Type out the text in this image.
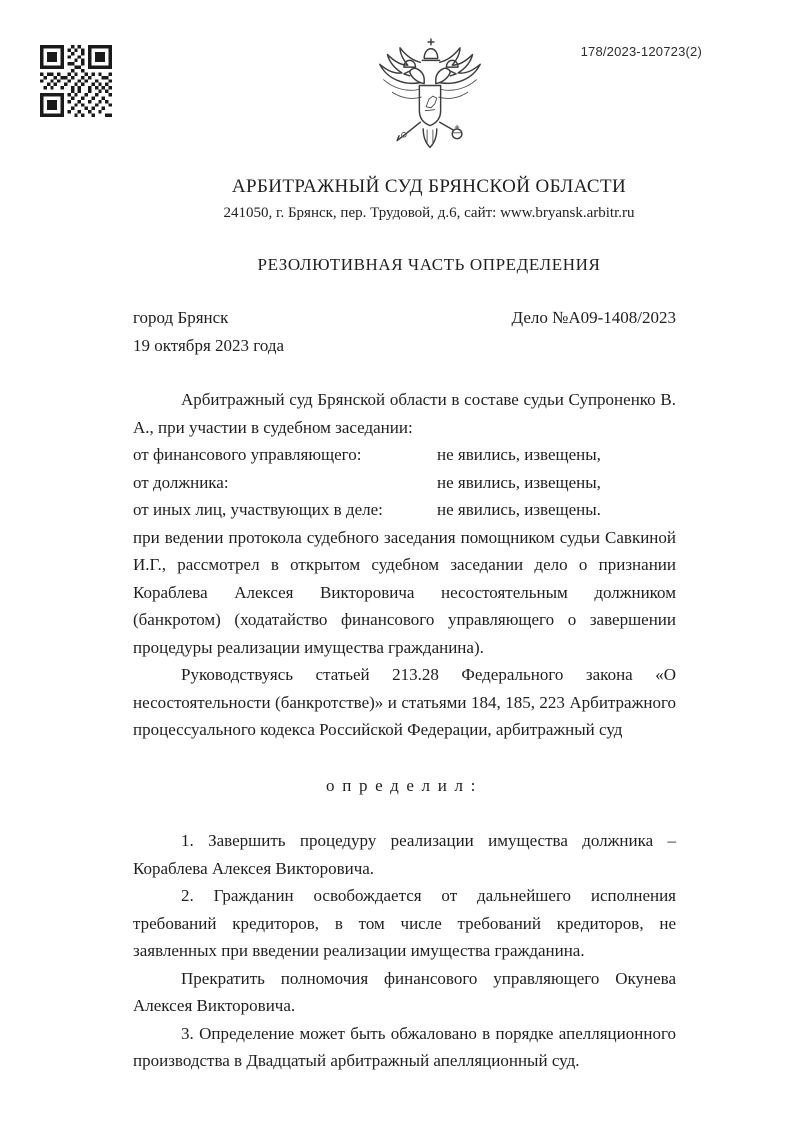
178/2023-120723(2)
АРБИТРАЖНЫЙ СУД БРЯНСКОЙ ОБЛАСТИ
241050, г. Брянск, пер. Трудовой, д.6, сайт: www.bryansk.arbitr.ru
РЕЗОЛЮТИВНАЯ ЧАСТЬ ОПРЕДЕЛЕНИЯ
город Брянск	Дело №А09-1408/2023
19 октября 2023 года

Арбитражный суд Брянской области в составе судьи Супроненко В. А., при участии в судебном заседании:

от финансового управляющего:	не явились, извещены,
от должника:	не явились, извещены,
от иных лиц, участвующих в деле:	не явились, извещены.

при ведении протокола судебного заседания помощником судьи Савкиной И.Г., рассмотрел в открытом судебном заседании дело о признании Кораблева Алексея Викторовича несостоятельным должником (банкротом) (ходатайство финансового управляющего о завершении процедуры реализации имущества гражданина).

Руководствуясь статьей 213.28 Федерального закона «О несостоятельности (банкротстве)» и статьями 184, 185, 223 Арбитражного процессуального кодекса Российской Федерации, арбитражный суд

определил:

1. Завершить процедуру реализации имущества должника – Кораблева Алексея Викторовича.

2. Гражданин освобождается от дальнейшего исполнения требований кредиторов, в том числе требований кредиторов, не заявленных при введении реализации имущества гражданина.

Прекратить полномочия финансового управляющего Окунева Алексея Викторовича.

3. Определение может быть обжаловано в порядке апелляционного производства в Двадцатый арбитражный апелляционный суд.
